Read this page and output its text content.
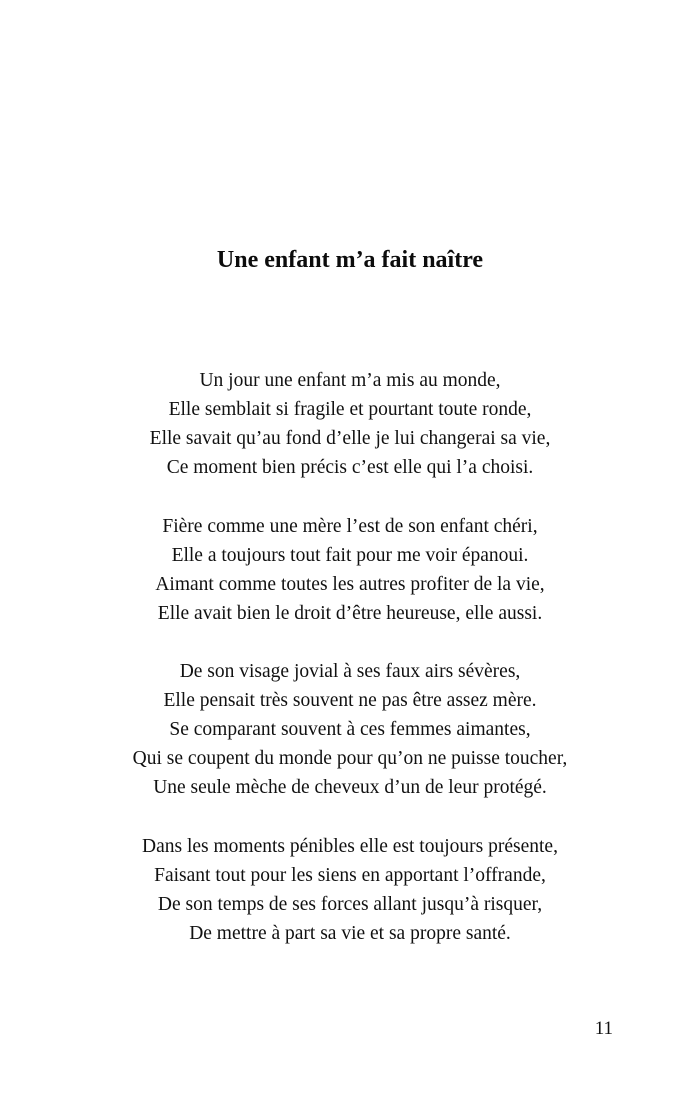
Une enfant m’a fait naître

Un jour une enfant m’a mis au monde,
Elle semblait si fragile et pourtant toute ronde,
Elle savait qu’au fond d’elle je lui changerai sa vie,
Ce moment bien précis c’est elle qui l’a choisi.

Fière comme une mère l’est de son enfant chéri,
Elle a toujours tout fait pour me voir épanoui.
Aimant comme toutes les autres profiter de la vie,
Elle avait bien le droit d’être heureuse, elle aussi.

De son visage jovial à ses faux airs sévères,
Elle pensait très souvent ne pas être assez mère.
Se comparant souvent à ces femmes aimantes,
Qui se coupent du monde pour qu’on ne puisse toucher,
Une seule mèche de cheveux d’un de leur protégé.

Dans les moments pénibles elle est toujours présente,
Faisant tout pour les siens en apportant l’offrande,
De son temps de ses forces allant jusqu’à risquer,
De mettre à part sa vie et sa propre santé.

11
